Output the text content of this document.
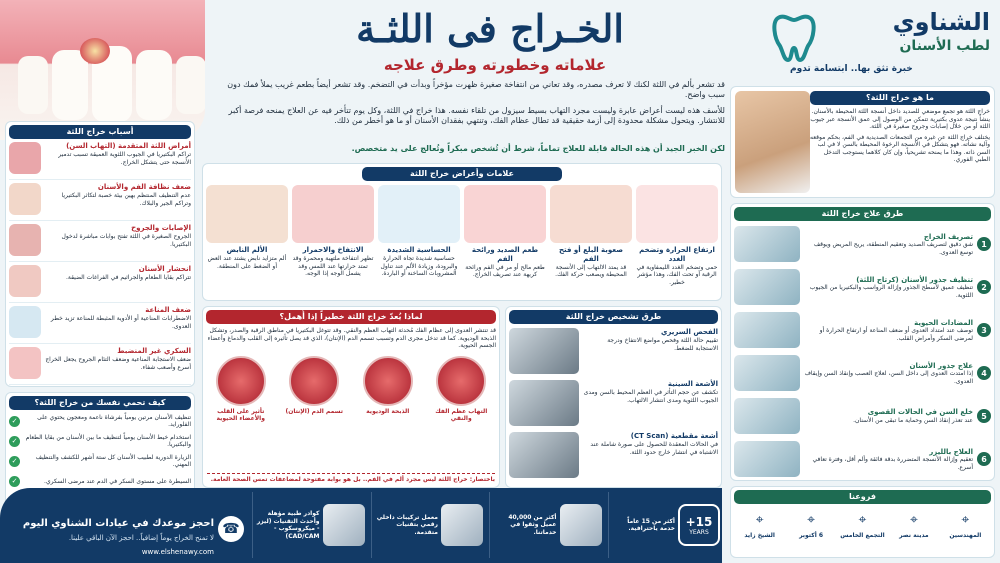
الخـراج فى اللثـة
علاماته وخطورته وطرق علاجه
الشناوي
لطب الأسنان
خبرة تثق بها.. ابتسامة تدوم
قد تشعر بألم في اللثة لكنك لا تعرف مصدره، وقد تعاني من انتفاخة صغيرة ظهرت مؤخراً وبدأت في التضخم. وقد تشعر أيضاً بطعم غريب يملأ فمك دون سبب واضح.
للأسف هذه ليست أعراض عابرة وليست مجرد التهاب بسيط سيزول من تلقاء نفسه. هذا خراج في اللثة، وكل يوم تتأخر فيه عن العلاج يمنحه فرصة أكبر للانتشار. ويتحول مشكلة محدودة إلى أزمة حقيقية قد تطال عظام الفك، وتنتهي بفقدان الأسنان أو ما هو أخطر من ذلك.
لكن الخبر الجيد أن هذه الحالة قابلة للعلاج تماماً، شرط أن تُشخص مبكراً وتُعالج على يد متخصص.
ما هو خراج اللثة؟
خراج اللثة هو تجمع موضعي للصديد داخل أنسجة اللثة المحيطة بالأسنان. ينشأ نتيجة عدوى بكتيرية تتمكن من الوصول إلى عمق الأنسجة عبر جيوب اللثة أو من خلال إصابات وجروح صغيرة في اللثة.
يختلف خراج اللثة عن غيره من التجمعات الصديدية في الفم، بحكم موقعه وآلية نشأته. فهو يتشكل في الأنسجة الرخوة المحيطة بالسن لا في لب السن ذاته. وهذا ما يمنحه تشريحياً، وإن كان كلاهما يستوجب التدخل الطبي الفوري.
أسباب خراج اللثة
أمراض اللثة المتقدمة (التهاب السن)
تراكم البكتيريا في الجيوب اللثوية العميقة تسبب تدمير الأنسجة حتى يتشكل الخراج.
ضعف نظافة الفم والأسنان
عدم التنظيف المنتظم بهين بيئة خصبة لتكاثر البكتيريا وتراكم الجير والبلاك.
الإصابات والجروح
الجروح الصغيرة في اللثة تفتح بوابات مباشرة لدخول البكتيريا.
انحشار الأسنان
تتراكم بقايا الطعام والجراثيم في الفراغات الضيقة.
ضعف المناعة
الاضطرابات المناعية أو الأدوية المثبطة للمناعة تزيد خطر العدوى.
السكري غير المنضبط
ضعف الاستجابة المناعية وضعف التئام الجروح يجعل الخراج أسرع وأصعب شفاء.
كيف تحمي نفسك من خراج اللثة؟
تنظيف الأسنان مرتين يومياً بفرشاة ناعمة ومعجون يحتوي على الفلورايد.
✓
استخدام خيط الأسنان يومياً لتنظيف ما بين الأسنان من بقايا الطعام والبكتيريا.
✓
الزيارة الدورية لطبيب الأسنان كل ستة أشهر للكشف والتنظيف المهني.
✓
السيطرة على مستوى السكر في الدم عند مرضى السكري.
✓
علامات وأعراض خراج اللثة
ارتفاع الحرارة وتضخم الغدد
حمى وتضخم الغدد الليمفاوية في الرقبة أو تحت الفك، وهذا مؤشر خطير.
صعوبة البلع أو فتح الفم
قد يمتد الالتهاب إلى الأنسجة المحيطة ويصعب حركة الفك.
طعم الصديد ورائحة الفم
طعم مالح أو مر في الفم ورائحة كريهة عند تصريف الخراج.
الحساسية الشديدة
حساسية شديدة تجاه الحرارة والبرودة، وزيادة الألم عند تناول المشروبات الساخنة أو الباردة.
الانتفاخ والاحمرار
تظهر انتفاخة ملتهبة ومحمرة وقد تمتد حرارتها عند اللمس وقد يشمل الوجه إذا الوجه.
الألم النابض
ألم متزايد نابض يشتد عند العض أو الضغط على المنطقة.
لماذا يُعدّ خراج اللثة خطيراً إذا أُهمل؟
قد تنتشر العدوى إلى عظام الفك مُحدثة التهاب العظم والنقي. وقد تتوغل البكتيريا في مناطق الرقبة والصدر، وتشكل الذبحة الوديوية. كما قد تدخل مجرى الدم وتسبب تسمم الدم (الإنتان)، الذي قد يصل تأثيره إلى القلب والدماغ وأعضاء الجسم الحيوية.
التهاب عظم الفك والنقي
الذبحة الوديوية
تسمم الدم (الإنتان)
تأثير على القلب والأعضاء الحيوية
باختصار: خراج اللثة ليس مجرد ألم في الفم.. بل هو بوابة مفتوحة لمضاعفات تمس الصحة العامة.
طرق تشخيص خراج اللثة
الفحص السريري
تقييم حالة اللثة وفحص مواضع الانتفاخ ودرجة الاستجابة للضغط.
الأشعة السينية
تكشف عن حجم التأثر في العظم المحيط بالسن ومدى الجيوب اللثوية ومدى انتشار الالتهاب.
أشعة مقطعية (CT Scan)
في الحالات المعقدة للحصول على صورة شاملة عند الاشتباه في انتشار خارج حدود اللثة.
طرق علاج خراج اللثة
1
تصريف الخراج
شق دقيق لتصريف الصديد وتعقيم المنطقة، يريح المريض ويوقف توسع العدوى.
2
تنظيف جذور الأسنان (كرتاج اللثة)
تنظيف عميق لأسطح الجذور وإزالة الرواسب والبكتيريا من الجيوب اللثوية.
3
المضادات الحيوية
توصف عند امتداد العدوى أو ضعف المناعة أو ارتفاع الحرارة أو لمرضى السكر وأمراض القلب.
4
علاج جذور الأسنان
إذا امتدت العدوى إلى داخل السن، لعلاج العصب وإنقاذ السن وإيقاف العدوى.
5
خلع السن في الحالات القصوى
عند تعذر إنقاذ السن وحماية ما تبقى من الأسنان.
6
العلاج بالليزر
تعقيم وإزالة الأنسجة المتضررة بدقة فائقة وألم أقل، وفترة تعافي أسرع.
فروعنا
⌖
المهندسين
⌖
مدينة نصر
⌖
التجمع الخامس
⌖
6 أكتوبر
⌖
الشيخ زايد
☎
احجز موعدك في عيادات الشناوي اليوم
لا تمنح الخراج يوماً إضافياً.. احجز الآن الباقي علينا.
www.elshenawy.com
15+
YEARS
أكثر من 15 عاماً خدمة ياحترافية.
أكثر من 40,000 عميل وثقوا في خدماتنا.
معمل تركيبات داخلي رقمي بتقنيات متقدمة.
كوادر طبية مؤهلة وأحدث التقنيات (ليزر - ميكروسكوب - CAD/CAM)
